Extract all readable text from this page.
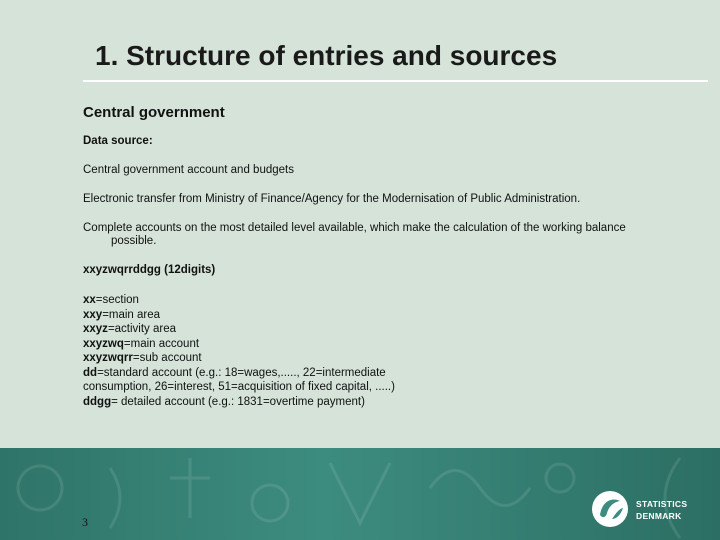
1. Structure of entries and sources
Central government
Data source:
Central government account and budgets
Electronic transfer from Ministry of Finance/Agency for the Modernisation of Public Administration.
Complete accounts on the most detailed level available, which make the calculation of the working balance possible.
xxyzwqrrddgg (12digits)
xx=section
xxy=main area
xxyz=activity area
xxyzwq=main account
xxyzwqrr=sub account
dd=standard account (e.g.: 18=wages,....., 22=intermediate consumption, 26=interest, 51=acquisition of fixed capital, .....)
ddgg= detailed account (e.g.: 1831=overtime payment)
3
STATISTICS
DENMARK
